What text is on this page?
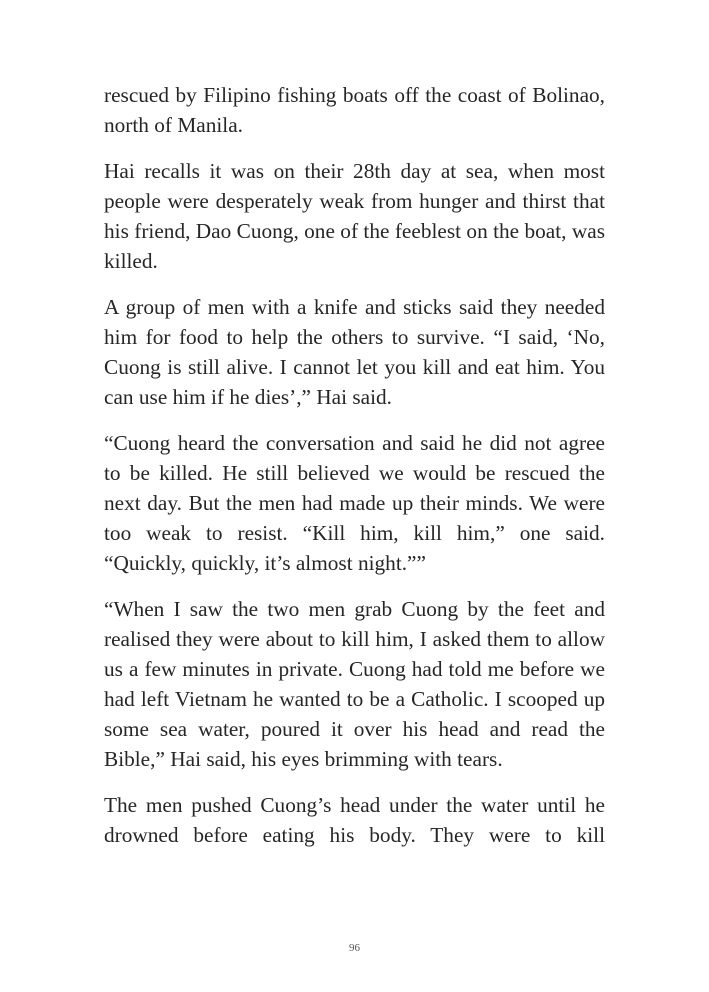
rescued by Filipino fishing boats off the coast of Bolinao, north of Manila.

Hai recalls it was on their 28th day at sea, when most people were desperately weak from hunger and thirst that his friend, Dao Cuong, one of the feeblest on the boat, was killed.

A group of men with a knife and sticks said they needed him for food to help the others to survive. “I said, ‘No, Cuong is still alive. I cannot let you kill and eat him. You can use him if he dies’,” Hai said.

“Cuong heard the conversation and said he did not agree to be killed. He still believed we would be rescued the next day. But the men had made up their minds. We were too weak to resist. “Kill him, kill him,” one said. “Quickly, quickly, it’s almost night.””

“When I saw the two men grab Cuong by the feet and realised they were about to kill him, I asked them to allow us a few minutes in private. Cuong had told me before we had left Vietnam he wanted to be a Catholic. I scooped up some sea water, poured it over his head and read the Bible,” Hai said, his eyes brimming with tears.

The men pushed Cuong’s head under the water until he drowned before eating his body. They were to kill

96
